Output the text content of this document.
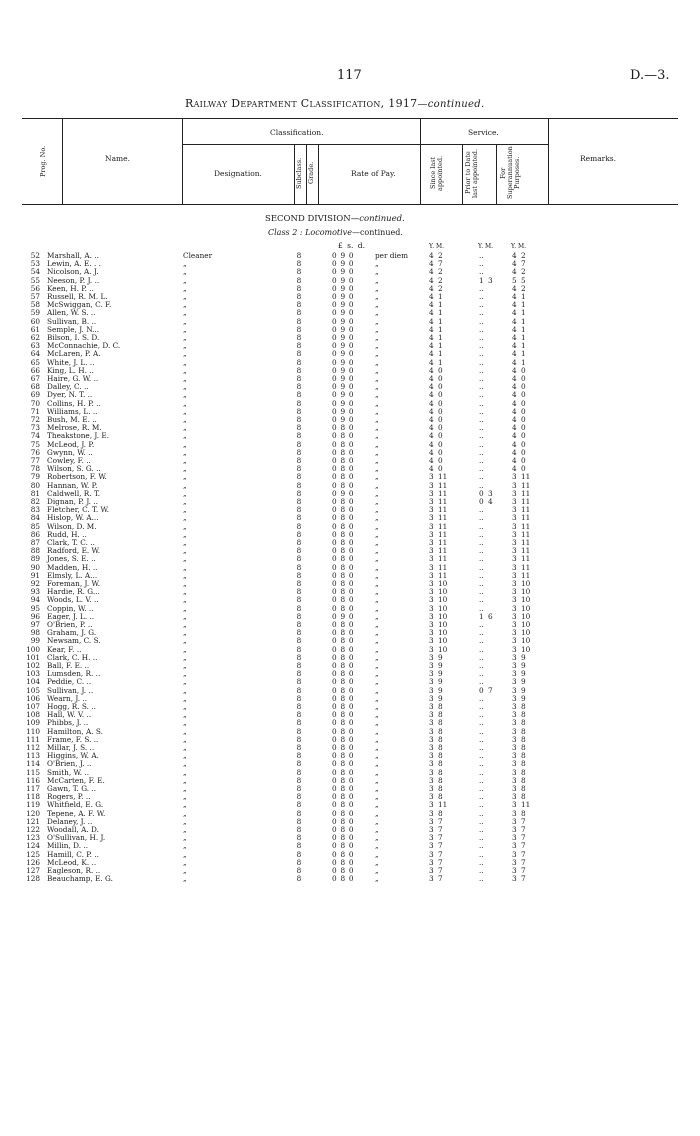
117	D.—3.
Railway Department Classification, 1917—continued.
Prog. No.	Name.
Classification.	Service.
Remarks.
Designation.	Subclass. Grade.	Rate of Pay.	Since last appointed.	Prior to Date last appointed.	For Superannuation Purposes.
SECOND DIVISION—continued.
Class 2 : Locomotive—continued.
£ s. d.	Y. M.	Y. M.	Y. M.
52 Marshall, A. ..	Cleaner	8	0 9 0	per diem	4 2	..	4 2
53 Lewin, A. E. . .	„	8	0 9 0	„	4 7	..	4 7
54 Nicolson, A. J.	„	8	0 9 0	„	4 2	..	4 2
55 Neeson, P. J. ..	„	8	0 9 0	„	4 2	1 3	5 5
56 Keen, H. P. ..	„	8	0 9 0	„	4 2	..	4 2
57 Russell, R. M. L.	„	8	0 9 0	„	4 1	..	4 1
58 McSwiggan, C. F.	„	8	0 9 0	„	4 1	..	4 1
59 Allen, W. S. ..	„	8	0 9 0	„	4 1	..	4 1
60 Sullivan, B. ..	„	8	0 9 0	„	4 1	..	4 1
61 Semple, J. N...	„	8	0 9 0	„	4 1	..	4 1
62 Bilson, I. S. D.	„	8	0 9 0	„	4 1	..	4 1
63 McConnachie, D. C.	„	8	0 9 0	„	4 1	..	4 1
64 McLaren, P. A.	„	8	0 9 0	„	4 1	..	4 1
65 White, J. L. ..	„	8	0 9 0	„	4 1	..	4 1
66 King, L. H. ..	„	8	0 9 0	„	4 0	..	4 0
67 Haire, G. W. ..	„	8	0 9 0	„	4 0	..	4 0
68 Dalley, C. ..	„	8	0 9 0	„	4 0	..	4 0
69 Dyer, N. T. ..	„	8	0 9 0	„	4 0	..	4 0
70 Collins, H. P. ..	„	8	0 9 0	„	4 0	..	4 0
71 Williams, L. ..	„	8	0 9 0	„	4 0	..	4 0
72 Bush, M. E. ..	„	8	0 9 0	„	4 0	..	4 0
73 Melrose, R. M.	„	8	0 8 0	„	4 0	..	4 0
74 Theakstone, J. E.	„	8	0 8 0	„	4 0	..	4 0
75 McLeod, J. P.	„	8	0 8 0	„	4 0	..	4 0
76 Gwynn, W. ..	„	8	0 8 0	„	4 0	..	4 0
77 Cowley, F. ..	„	8	0 8 0	„	4 0	..	4 0
78 Wilson, S. G. ..	„	8	0 8 0	„	4 0	..	4 0
79 Robertson, F. W.	„	8	0 8 0	„	3 11	..	3 11
80 Hannan, W. P.	„	8	0 8 0	„	3 11	..	3 11
81 Caldwell, R. T.	„	8	0 9 0	„	3 11	0 3	3 11
82 Dignan, P. J. ..	„	8	0 8 0	„	3 11	0 4	3 11
83 Fletcher, C. T. W.	„	8	0 8 0	„	3 11	..	3 11
84 Hislop, W. A...	„	8	0 8 0	„	3 11	..	3 11
85 Wilson, D. M.	„	8	0 8 0	„	3 11	..	3 11
86 Rudd, H. ..	„	8	0 8 0	„	3 11	..	3 11
87 Clark, T. C. ..	„	8	0 8 0	„	3 11	..	3 11
88 Radford, E. W.	„	8	0 8 0	„	3 11	..	3 11
89 Jones, S. E. ..	„	8	0 8 0	„	3 11	..	3 11
90 Madden, H. ..	„	8	0 8 0	„	3 11	..	3 11
91 Elmsly, L. A...	„	8	0 8 0	„	3 11	..	3 11
92 Foreman, J. W.	„	8	0 8 0	„	3 10	..	3 10
93 Hardie, R. G...	„	8	0 8 0	„	3 10	..	3 10
94 Woods, L. V. ..	„	8	0 8 0	„	3 10	..	3 10
95 Coppin, W. ..	„	8	0 8 0	„	3 10	..	3 10
96 Eager, J. L. ..	„	8	0 9 0	„	3 10	1 6	3 10
97 O'Brien, P. ..	„	8	0 8 0	„	3 10	..	3 10
98 Graham, J. G.	„	8	0 8 0	„	3 10	..	3 10
99 Newsam, C. S.	„	8	0 8 0	„	3 10	..	3 10
100 Kear, F. ..	„	8	0 8 0	„	3 10	..	3 10
101 Clark, C. H. ..	„	8	0 8 0	„	3 9	..	3 9
102 Ball, F. E. ..	„	8	0 8 0	„	3 9	..	3 9
103 Lumsden, R. ..	„	8	0 8 0	„	3 9	..	3 9
104 Peddie, C. ..	„	8	0 8 0	„	3 9	..	3 9
105 Sullivan, J. ..	„	8	0 8 0	„	3 9	0 7	3 9
106 Wearn, J. ..	„	8	0 8 0	„	3 9	..	3 9
107 Hogg, R. S. ..	„	8	0 8 0	„	3 8	..	3 8
108 Hall, W. V. ..	„	8	0 8 0	„	3 8	..	3 8
109 Phibbs, J. ..	„	8	0 8 0	„	3 8	..	3 8
110 Hamilton, A. S.	„	8	0 8 0	„	3 8	..	3 8
111 Frame, F. S. ..	„	8	0 8 0	„	3 8	..	3 8
112 Millar, J. S. ..	„	8	0 8 0	„	3 8	..	3 8
113 Higgins, W. A.	„	8	0 8 0	„	3 8	..	3 8
114 O'Brien, J. ..	„	8	0 8 0	„	3 8	..	3 8
115 Smith, W. ..	„	8	0 8 0	„	3 8	..	3 8
116 McCarten, F. E.	„	8	0 8 0	„	3 8	..	3 8
117 Gawn, T. G. ..	„	8	0 8 0	„	3 8	..	3 8
118 Rogers, P. ..	„	8	0 8 0	„	3 8	..	3 8
119 Whitfield, E. G.	„	8	0 8 0	„	3 11	..	3 11
120 Tepene, A. F. W.	„	8	0 8 0	„	3 8	..	3 8
121 Delaney, J. ..	„	8	0 8 0	„	3 7	..	3 7
122 Woodall, A. D.	„	8	0 8 0	„	3 7	..	3 7
123 O'Sullivan, H. J.	„	8	0 8 0	„	3 7	..	3 7
124 Millin, D. ..	„	8	0 8 0	„	3 7	..	3 7
125 Hamill, C. P. ..	„	8	0 8 0	„	3 7	..	3 7
126 McLeod, K. ..	„	8	0 8 0	„	3 7	..	3 7
127 Eagleson, R. ..	„	8	0 8 0	„	3 7	..	3 7
128 Beauchamp, E. G.	„	8	0 8 0	„	3 7	..	3 7
